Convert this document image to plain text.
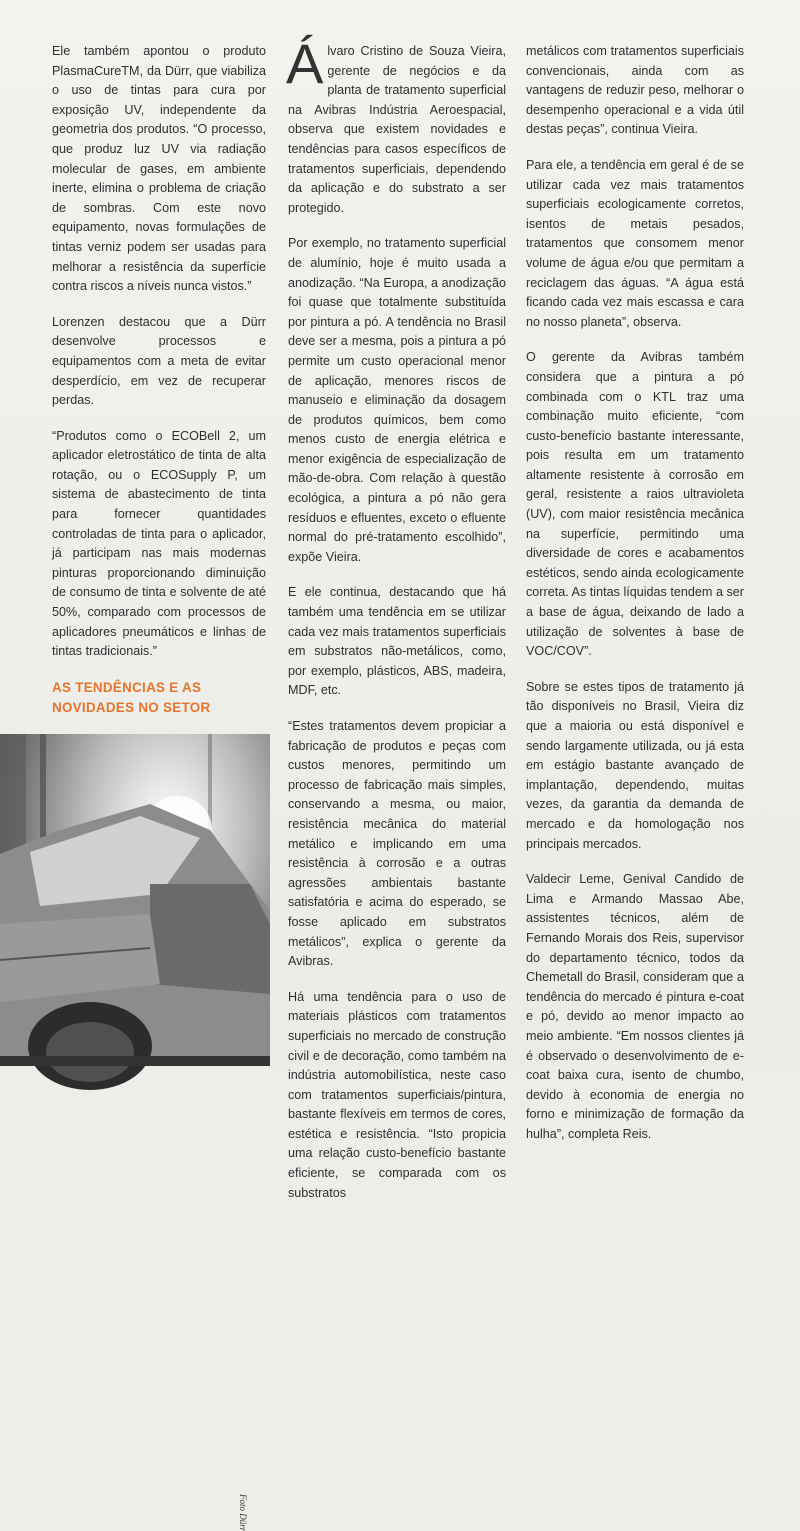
Ele também apontou o produto PlasmaCureTM, da Dürr, que viabiliza o uso de tintas para cura por exposição UV, independente da geometria dos produtos. “O processo, que produz luz UV via radiação molecular de gases, em ambiente inerte, elimina o problema de criação de sombras. Com este novo equipamento, novas formulações de tintas verniz podem ser usadas para melhorar a resistência da superfície contra riscos a níveis nunca vistos.”

Lorenzen destacou que a Dürr desenvolve processos e equipamentos com a meta de evitar desperdício, em vez de recuperar perdas.

“Produtos como o ECOBell 2, um aplicador eletrostático de tinta de alta rotação, ou o ECOSupply P, um sistema de abastecimento de tinta para fornecer quantidades controladas de tinta para o aplicador, já participam nas mais modernas pinturas proporcionando diminuição de consumo de tinta e solvente de até 50%, comparado com processos de aplicadores pneumáticos e linhas de tintas tradicionais.”

AS TENDÊNCIAS E AS
NOVIDADES NO SETOR

Foto Dürr

Álvaro Cristino de Souza Vieira, gerente de negócios e da planta de tratamento superficial na Avibras Indústria Aeroespacial, observa que existem novidades e tendências para casos específicos de tratamentos superficiais, dependendo da aplicação e do substrato a ser protegido.

Por exemplo, no tratamento superficial de alumínio, hoje é muito usada a anodização. “Na Europa, a anodização foi quase que totalmente substituída por pintura a pó. A tendência no Brasil deve ser a mesma, pois a pintura a pó permite um custo operacional menor de aplicação, menores riscos de manuseio e eliminação da dosagem de produtos químicos, bem como menos custo de energia elétrica e menor exigência de especialização de mão-de-obra. Com relação à questão ecológica, a pintura a pó não gera resíduos e efluentes, exceto o efluente normal do pré-tratamento escolhido”, expõe Vieira.

E ele continua, destacando que há também uma tendência em se utilizar cada vez mais tratamentos superficiais em substratos não-metálicos, como, por exemplo, plásticos, ABS, madeira, MDF, etc.

“Estes tratamentos devem propiciar a fabricação de produtos e peças com custos menores, permitindo um processo de fabricação mais simples, conservando a mesma, ou maior, resistência mecânica do material metálico e implicando em uma resistência à corrosão e a outras agressões ambientais bastante satisfatória e acima do esperado, se fosse aplicado em substratos metálicos”, explica o gerente da Avibras.

Há uma tendência para o uso de materiais plásticos com tratamentos superficiais no mercado de construção civil e de decoração, como também na indústria automobilística, neste caso com tratamentos superficiais/pintura, bastante flexíveis em termos de cores, estética e resistência. “Isto propicia uma relação custo-benefício bastante eficiente, se comparada com os substratos

metálicos com tratamentos superficiais convencionais, ainda com as vantagens de reduzir peso, melhorar o desempenho operacional e a vida útil destas peças”, continua Vieira.

Para ele, a tendência em geral é de se utilizar cada vez mais tratamentos superficiais ecologicamente corretos, isentos de metais pesados, tratamentos que consomem menor volume de água e/ou que permitam a reciclagem das águas. “A água está ficando cada vez mais escassa e cara no nosso planeta”, observa.

O gerente da Avibras também considera que a pintura a pó combinada com o KTL traz uma combinação muito eficiente, “com custo-benefício bastante interessante, pois resulta em um tratamento altamente resistente à corrosão em geral, resistente a raios ultravioleta (UV), com maior resistência mecânica na superfície, permitindo uma diversidade de cores e acabamentos estéticos, sendo ainda ecologicamente correta. As tintas líquidas tendem a ser a base de água, deixando de lado a utilização de solventes à base de VOC/COV”.

Sobre se estes tipos de tratamento já tão disponíveis no Brasil, Vieira diz que a maioria ou está disponível e sendo largamente utilizada, ou já esta em estágio bastante avançado de implantação, dependendo, muitas vezes, da garantia da demanda de mercado e da homologação nos principais mercados.

Valdecir Leme, Genival Candido de Lima e Armando Massao Abe, assistentes técnicos, além de Fernando Morais dos Reis, supervisor do departamento técnico, todos da Chemetall do Brasil, consideram que a tendência do mercado é pintura e-coat e pó, devido ao menor impacto ao meio ambiente. “Em nossos clientes já é observado o desenvolvimento de e-coat baixa cura, isento de chumbo, devido à economia de energia no forno e minimização de formação da hulha”, completa Reis.
